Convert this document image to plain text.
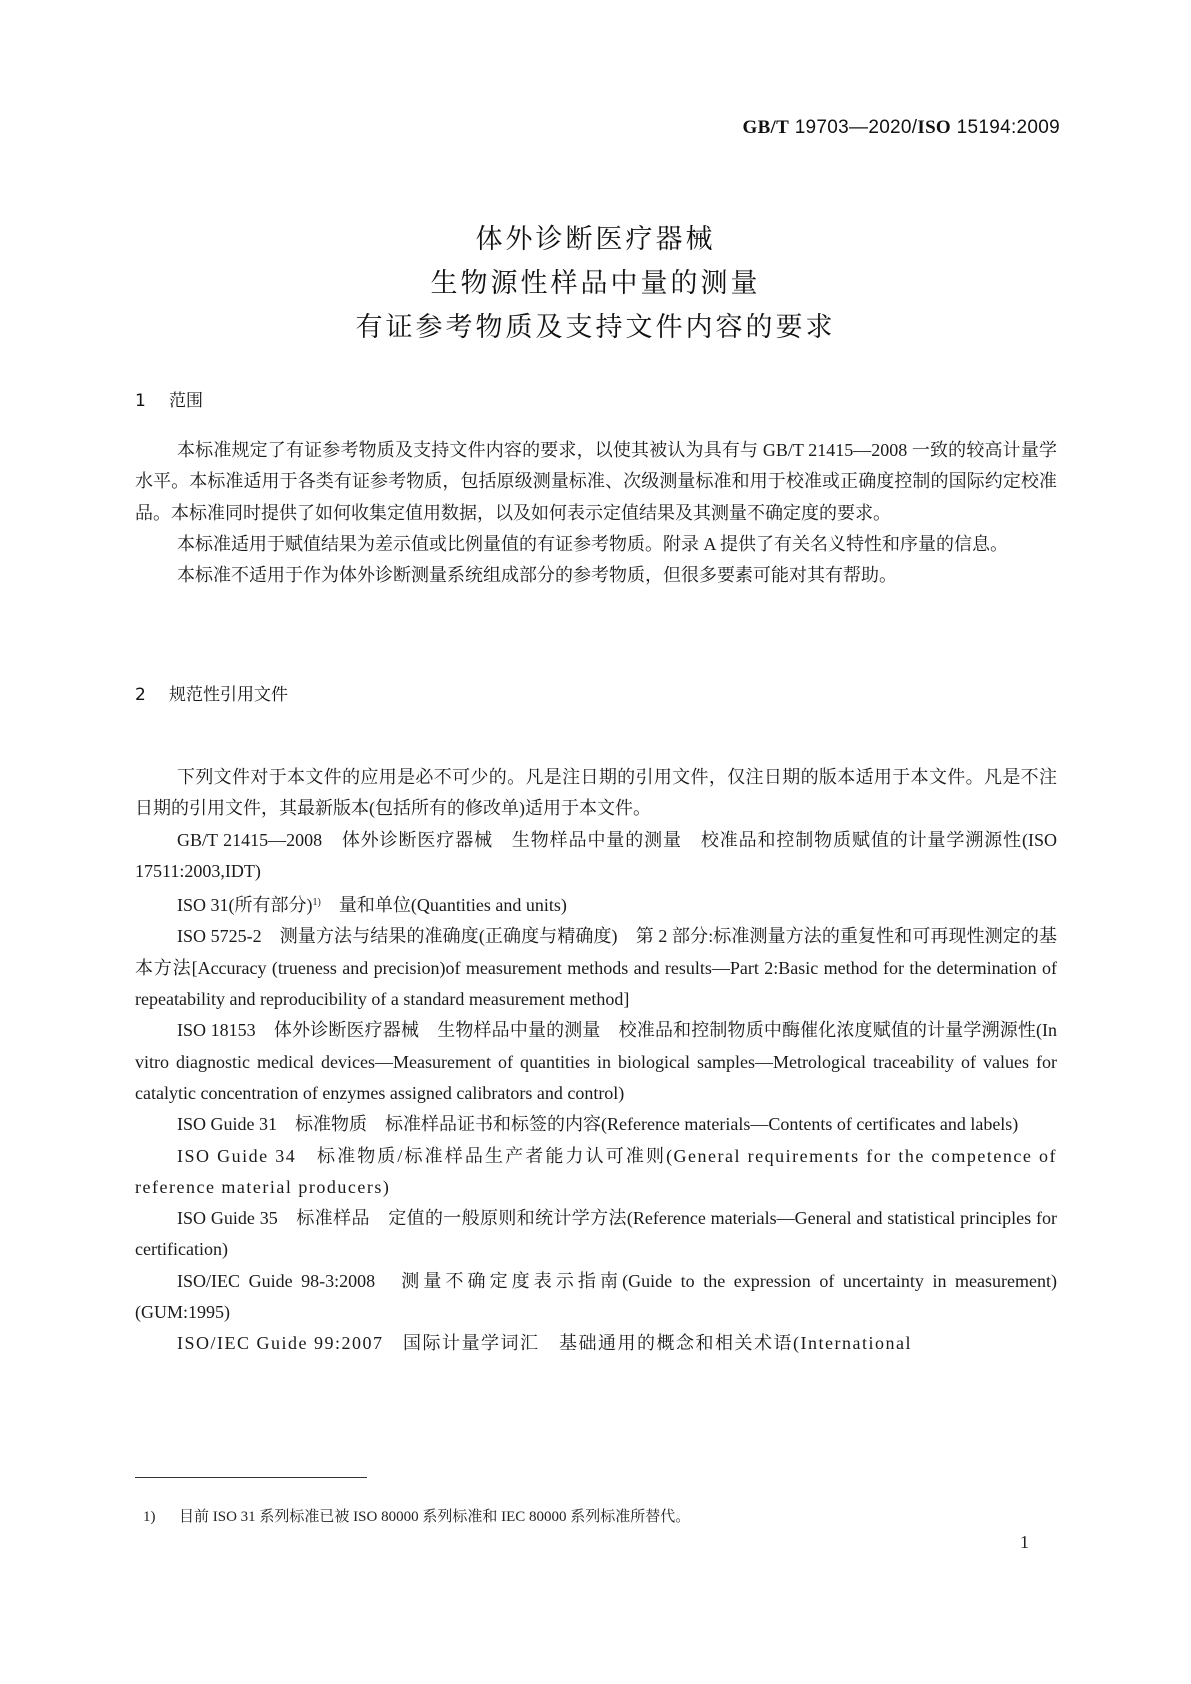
GB/T 19703—2020/ISO 15194:2009
体外诊断医疗器械
生物源性样品中量的测量
有证参考物质及支持文件内容的要求
1 范围

本标准规定了有证参考物质及支持文件内容的要求，以使其被认为具有与 GB/T 21415—2008 一致的较高计量学水平。本标准适用于各类有证参考物质，包括原级测量标准、次级测量标准和用于校准或正确度控制的国际约定校准品。本标准同时提供了如何收集定值用数据，以及如何表示定值结果及其测量不确定度的要求。

本标准适用于赋值结果为差示值或比例量值的有证参考物质。附录 A 提供了有关名义特性和序量的信息。

本标准不适用于作为体外诊断测量系统组成部分的参考物质，但很多要素可能对其有帮助。

2 规范性引用文件

下列文件对于本文件的应用是必不可少的。凡是注日期的引用文件，仅注日期的版本适用于本文件。凡是不注日期的引用文件，其最新版本(包括所有的修改单)适用于本文件。

GB/T 21415—2008　体外诊断医疗器械　生物样品中量的测量　校准品和控制物质赋值的计量学溯源性(ISO 17511:2003,IDT)

ISO 31(所有部分)$^{1)}$　量和单位(Quantities and units)

ISO 5725-2　测量方法与结果的准确度(正确度与精确度)　第 2 部分:标准测量方法的重复性和可再现性测定的基本方法[Accuracy (trueness and precision)of measurement methods and results—Part 2:Basic method for the determination of repeatability and reproducibility of a standard measurement method]

ISO 18153　体外诊断医疗器械　生物样品中量的测量　校准品和控制物质中酶催化浓度赋值的计量学溯源性(In vitro diagnostic medical devices—Measurement of quantities in biological samples—Metrological traceability of values for catalytic concentration of enzymes assigned calibrators and control)

ISO Guide 31　标准物质　标准样品证书和标签的内容(Reference materials—Contents of certificates and labels)

ISO Guide 34　标准物质/标准样品生产者能力认可准则(General requirements for the competence of reference material producers)

ISO Guide 35　标准样品　定值的一般原则和统计学方法(Reference materials—General and statistical principles for certification)

ISO/IEC Guide 98-3:2008　测量不确定度表示指南(Guide to the expression of uncertainty in measurement)(GUM:1995)

ISO/IEC Guide 99:2007　国际计量学词汇　基础通用的概念和相关术语(International

1) 目前 ISO 31 系列标准已被 ISO 80000 系列标准和 IEC 80000 系列标准所替代。
1
